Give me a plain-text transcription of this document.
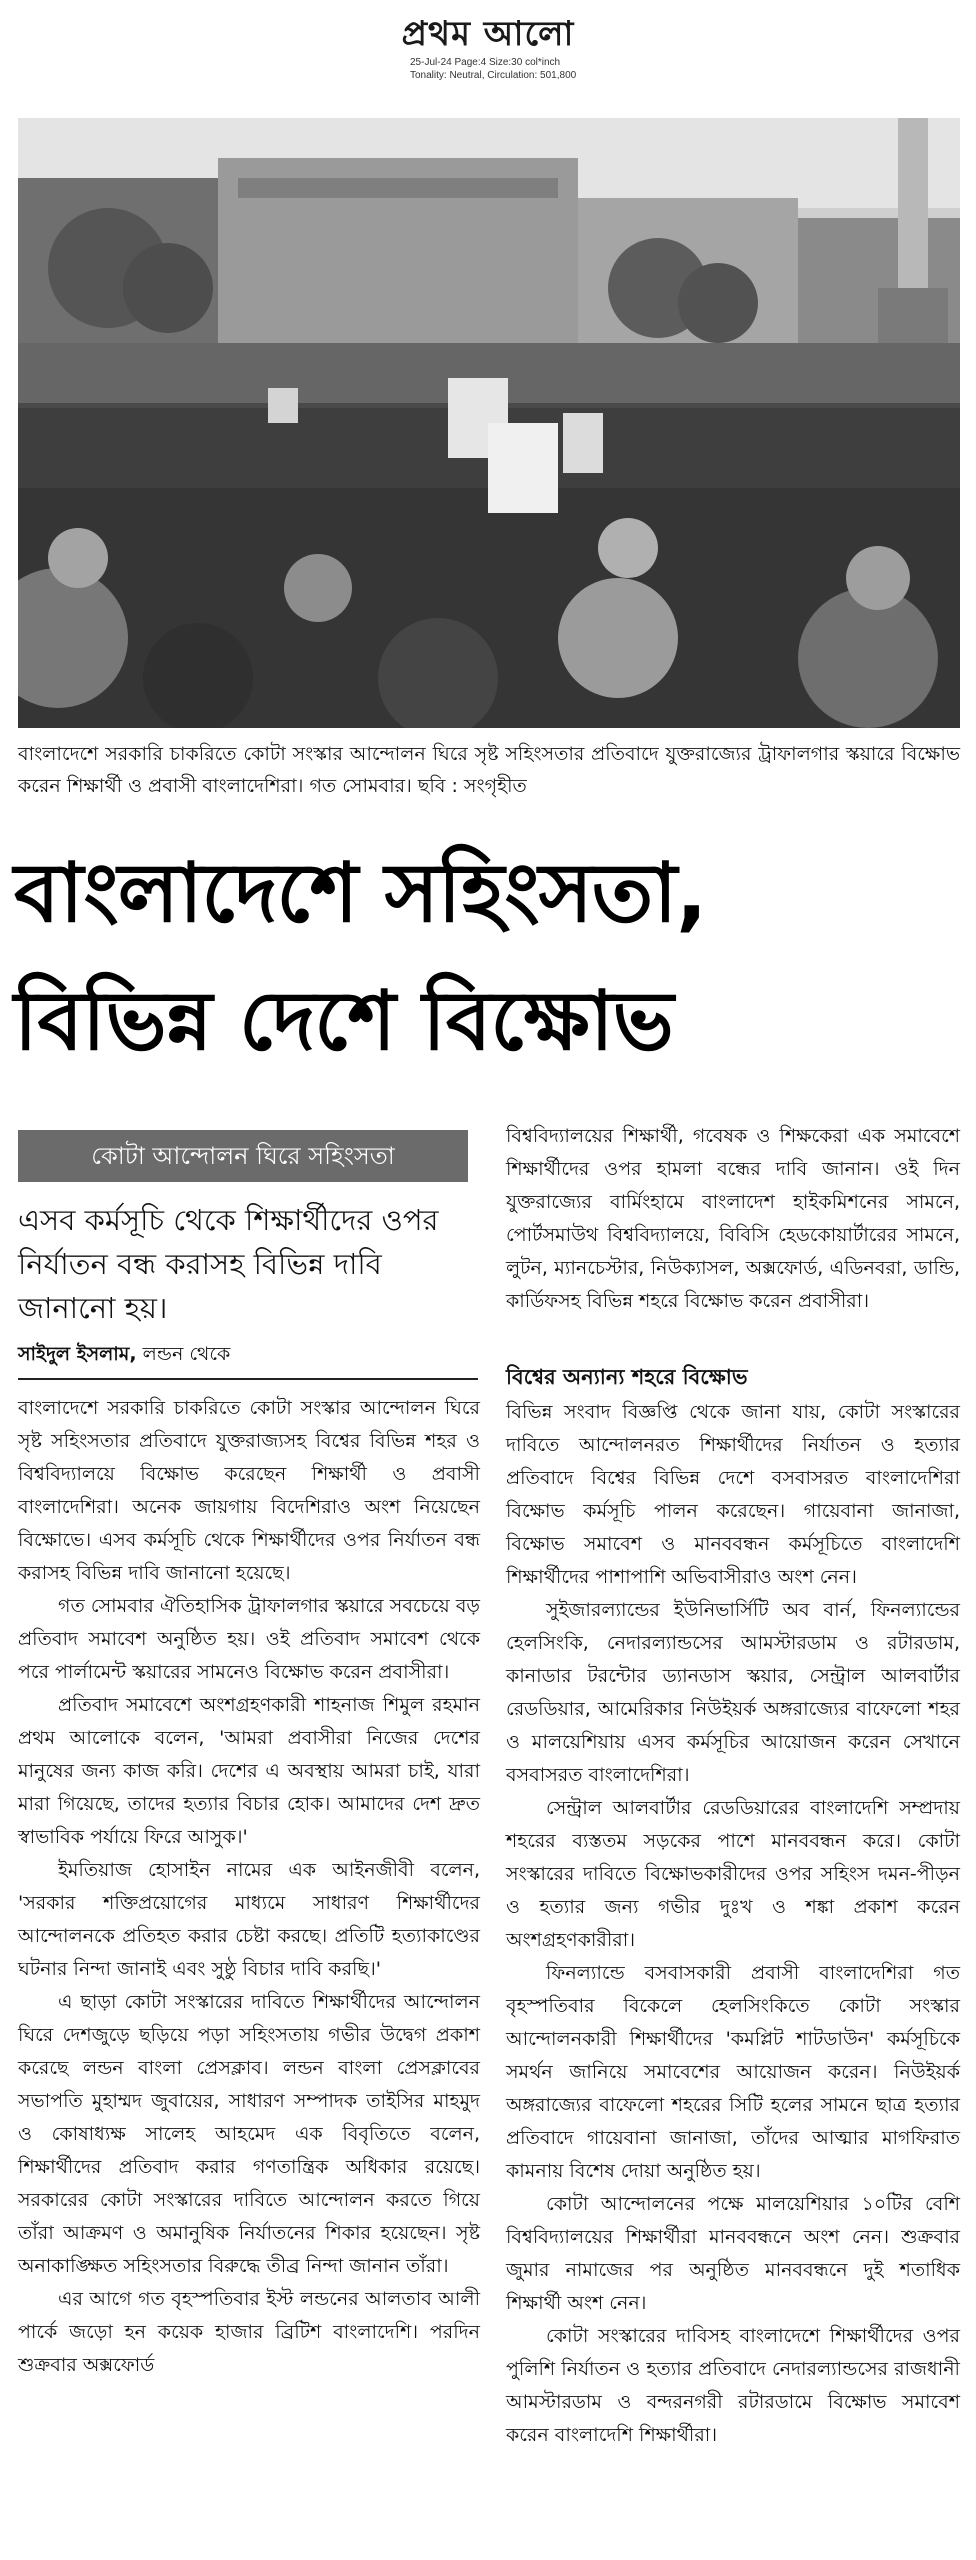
প্রথম আলো
25-Jul-24 Page:4 Size:30 col*inch
Tonality: Neutral, Circulation: 501,800
বাংলাদেশে সরকারি চাকরিতে কোটা সংস্কার আন্দোলন ঘিরে সৃষ্ট সহিংসতার প্রতিবাদে যুক্তরাজ্যের ট্রাফালগার স্কয়ারে বিক্ষোভ করেন শিক্ষার্থী ও প্রবাসী বাংলাদেশিরা। গত সোমবার। ছবি : সংগৃহীত
বাংলাদেশে সহিংসতা,
বিভিন্ন দেশে বিক্ষোভ
কোটা আন্দোলন ঘিরে সহিংসতা
এসব কর্মসূচি থেকে শিক্ষার্থীদের ওপর নির্যাতন বন্ধ করাসহ বিভিন্ন দাবি জানানো হয়।
সাইদুল ইসলাম, লন্ডন থেকে

বাংলাদেশে সরকারি চাকরিতে কোটা সংস্কার আন্দোলন ঘিরে সৃষ্ট সহিংসতার প্রতিবাদে যুক্তরাজ্যসহ বিশ্বের বিভিন্ন শহর ও বিশ্ববিদ্যালয়ে বিক্ষোভ করেছেন শিক্ষার্থী ও প্রবাসী বাংলাদেশিরা। অনেক জায়গায় বিদেশিরাও অংশ নিয়েছেন বিক্ষোভে। এসব কর্মসূচি থেকে শিক্ষার্থীদের ওপর নির্যাতন বন্ধ করাসহ বিভিন্ন দাবি জানানো হয়েছে।

গত সোমবার ঐতিহাসিক ট্রাফালগার স্কয়ারে সবচেয়ে বড় প্রতিবাদ সমাবেশ অনুষ্ঠিত হয়। ওই প্রতিবাদ সমাবেশ থেকে পরে পার্লামেন্ট স্কয়ারের সামনেও বিক্ষোভ করেন প্রবাসীরা।

প্রতিবাদ সমাবেশে অংশগ্রহণকারী শাহনাজ শিমুল রহমান প্রথম আলোকে বলেন, 'আমরা প্রবাসীরা নিজের দেশের মানুষের জন্য কাজ করি। দেশের এ অবস্থায় আমরা চাই, যারা মারা গিয়েছে, তাদের হত্যার বিচার হোক। আমাদের দেশ দ্রুত স্বাভাবিক পর্যায়ে ফিরে আসুক।'

ইমতিয়াজ হোসাইন নামের এক আইনজীবী বলেন, 'সরকার শক্তিপ্রয়োগের মাধ্যমে সাধারণ শিক্ষার্থীদের আন্দোলনকে প্রতিহত করার চেষ্টা করছে। প্রতিটি হত্যাকাণ্ডের ঘটনার নিন্দা জানাই এবং সুষ্ঠু বিচার দাবি করছি।'

এ ছাড়া কোটা সংস্কারের দাবিতে শিক্ষার্থীদের আন্দোলন ঘিরে দেশজুড়ে ছড়িয়ে পড়া সহিংসতায় গভীর উদ্বেগ প্রকাশ করেছে লন্ডন বাংলা প্রেসক্লাব। লন্ডন বাংলা প্রেসক্লাবের সভাপতি মুহাম্মদ জুবায়ের, সাধারণ সম্পাদক তাইসির মাহমুদ ও কোষাধ্যক্ষ সালেহ আহমেদ এক বিবৃতিতে বলেন, শিক্ষার্থীদের প্রতিবাদ করার গণতান্ত্রিক অধিকার রয়েছে। সরকারের কোটা সংস্কারের দাবিতে আন্দোলন করতে গিয়ে তাঁরা আক্রমণ ও অমানুষিক নির্যাতনের শিকার হয়েছেন। সৃষ্ট অনাকাঙ্ক্ষিত সহিংসতার বিরুদ্ধে তীব্র নিন্দা জানান তাঁরা।

এর আগে গত বৃহস্পতিবার ইস্ট লন্ডনের আলতাব আলী পার্কে জড়ো হন কয়েক হাজার ব্রিটিশ বাংলাদেশি। পরদিন শুক্রবার অক্সফোর্ড

বিশ্ববিদ্যালয়ের শিক্ষার্থী, গবেষক ও শিক্ষকেরা এক সমাবেশে শিক্ষার্থীদের ওপর হামলা বন্ধের দাবি জানান। ওই দিন যুক্তরাজ্যের বার্মিংহামে বাংলাদেশ হাইকমিশনের সামনে, পোর্টসমাউথ বিশ্ববিদ্যালয়ে, বিবিসি হেডকোয়ার্টারের সামনে, লুটন, ম্যানচেস্টার, নিউক্যাসল, অক্সফোর্ড, এডিনবরা, ডান্ডি, কার্ডিফসহ বিভিন্ন শহরে বিক্ষোভ করেন প্রবাসীরা।

বিশ্বের অন্যান্য শহরে বিক্ষোভ

বিভিন্ন সংবাদ বিজ্ঞপ্তি থেকে জানা যায়, কোটা সংস্কারের দাবিতে আন্দোলনরত শিক্ষার্থীদের নির্যাতন ও হত্যার প্রতিবাদে বিশ্বের বিভিন্ন দেশে বসবাসরত বাংলাদেশিরা বিক্ষোভ কর্মসূচি পালন করেছেন। গায়েবানা জানাজা, বিক্ষোভ সমাবেশ ও মানববন্ধন কর্মসূচিতে বাংলাদেশি শিক্ষার্থীদের পাশাপাশি অভিবাসীরাও অংশ নেন।

সুইজারল্যান্ডের ইউনিভার্সিটি অব বার্ন, ফিনল্যান্ডের হেলসিংকি, নেদারল্যান্ডসের আমস্টারডাম ও রটারডাম, কানাডার টরন্টোর ড্যানডাস স্কয়ার, সেন্ট্রাল আলবার্টার রেডডিয়ার, আমেরিকার নিউইয়র্ক অঙ্গরাজ্যের বাফেলো শহর ও মালয়েশিয়ায় এসব কর্মসূচির আয়োজন করেন সেখানে বসবাসরত বাংলাদেশিরা।

সেন্ট্রাল আলবার্টার রেডডিয়ারের বাংলাদেশি সম্প্রদায় শহরের ব্যস্ততম সড়কের পাশে মানববন্ধন করে। কোটা সংস্কারের দাবিতে বিক্ষোভকারীদের ওপর সহিংস দমন-পীড়ন ও হত্যার জন্য গভীর দুঃখ ও শঙ্কা প্রকাশ করেন অংশগ্রহণকারীরা।

ফিনল্যান্ডে বসবাসকারী প্রবাসী বাংলাদেশিরা গত বৃহস্পতিবার বিকেলে হেলসিংকিতে কোটা সংস্কার আন্দোলনকারী শিক্ষার্থীদের 'কমপ্লিট শাটডাউন' কর্মসূচিকে সমর্থন জানিয়ে সমাবেশের আয়োজন করেন। নিউইয়র্ক অঙ্গরাজ্যের বাফেলো শহরের সিটি হলের সামনে ছাত্র হত্যার প্রতিবাদে গায়েবানা জানাজা, তাঁদের আত্মার মাগফিরাত কামনায় বিশেষ দোয়া অনুষ্ঠিত হয়।

কোটা আন্দোলনের পক্ষে মালয়েশিয়ার ১০টির বেশি বিশ্ববিদ্যালয়ের শিক্ষার্থীরা মানববন্ধনে অংশ নেন। শুক্রবার জুমার নামাজের পর অনুষ্ঠিত মানববন্ধনে দুই শতাধিক শিক্ষার্থী অংশ নেন।

কোটা সংস্কারের দাবিসহ বাংলাদেশে শিক্ষার্থীদের ওপর পুলিশি নির্যাতন ও হত্যার প্রতিবাদে নেদারল্যান্ডসের রাজধানী আমস্টারডাম ও বন্দরনগরী রটারডামে বিক্ষোভ সমাবেশ করেন বাংলাদেশি শিক্ষার্থীরা।
